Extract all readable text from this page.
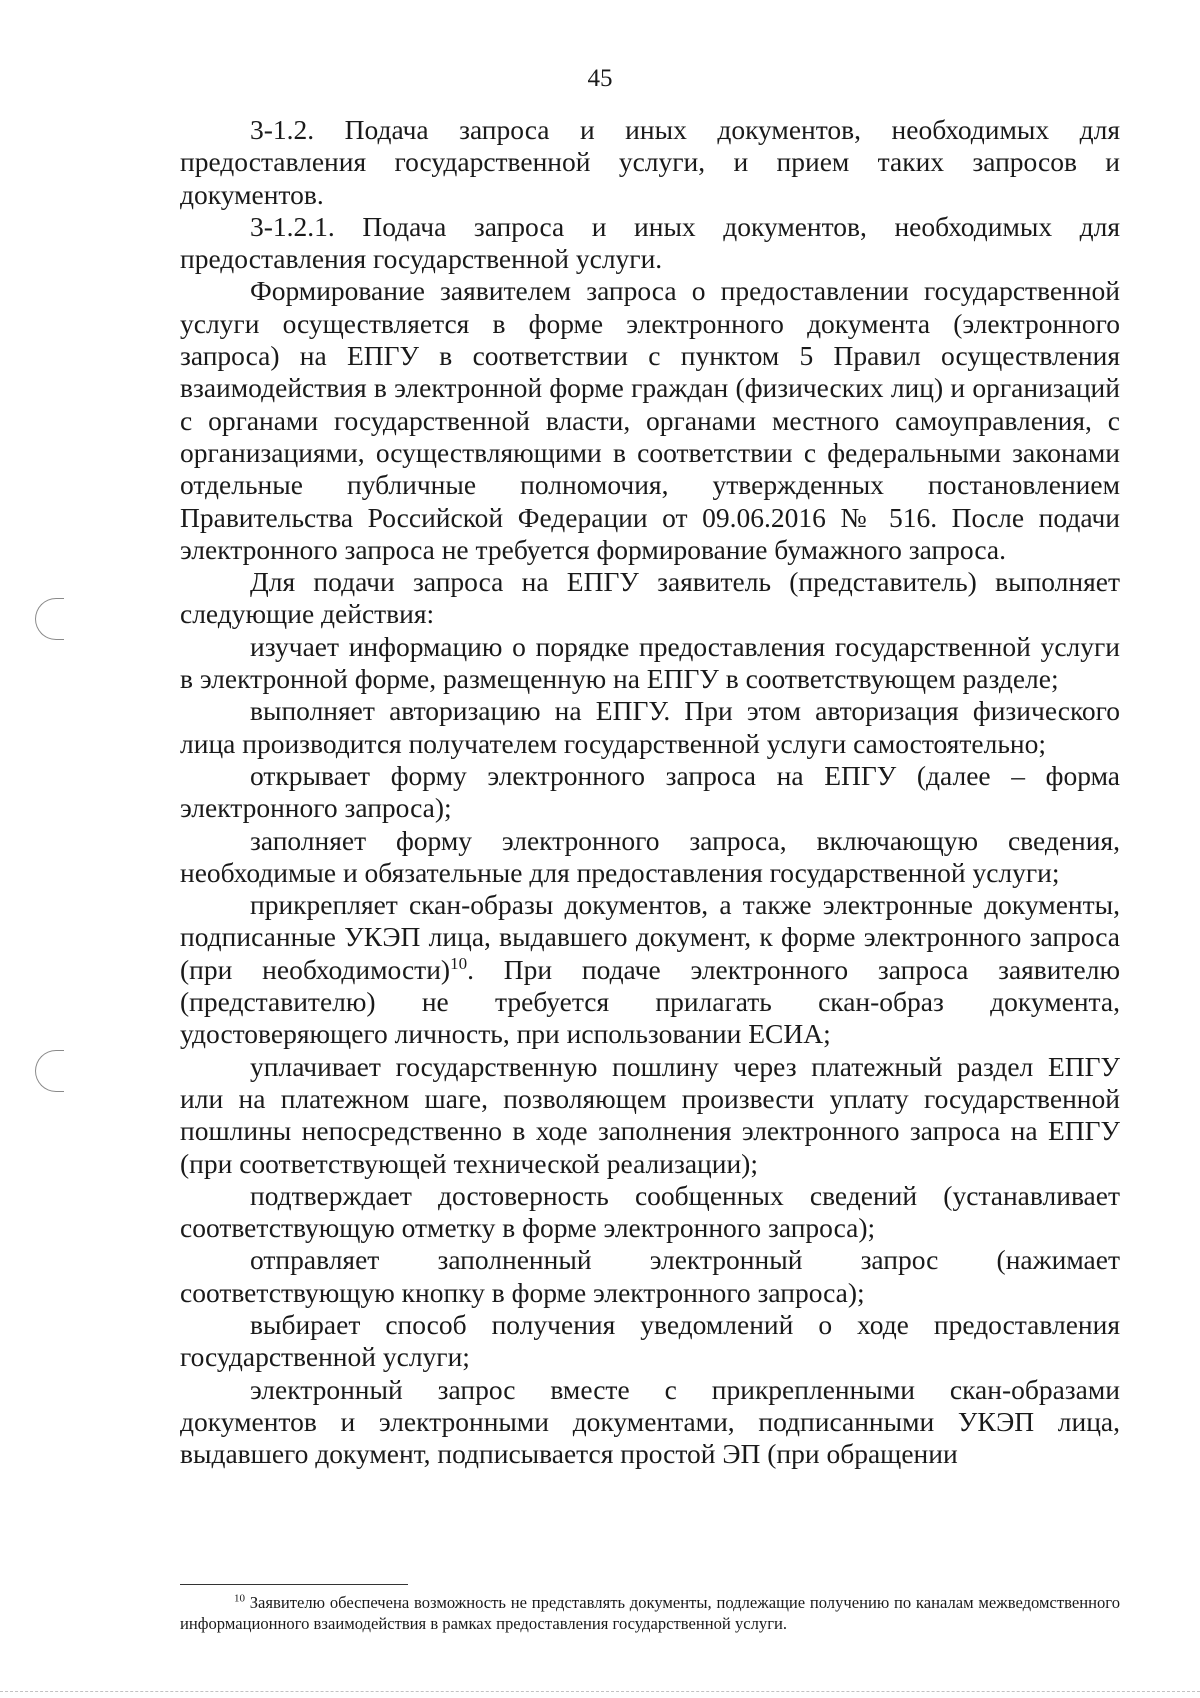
45

3-1.2. Подача запроса и иных документов, необходимых для предоставления государственной услуги, и прием таких запросов и документов.

3-1.2.1. Подача запроса и иных документов, необходимых для предоставления государственной услуги.

Формирование заявителем запроса о предоставлении государственной услуги осуществляется в форме электронного документа (электронного запроса) на ЕПГУ в соответствии с пунктом 5 Правил осуществления взаимодействия в электронной форме граждан (физических лиц) и организаций с органами государственной власти, органами местного самоуправления, с организациями, осуществляющими в соответствии с федеральными законами отдельные публичные полномочия, утвержденных постановлением Правительства Российской Федерации от 09.06.2016 № 516. После подачи электронного запроса не требуется формирование бумажного запроса.

Для подачи запроса на ЕПГУ заявитель (представитель) выполняет следующие действия:

изучает информацию о порядке предоставления государственной услуги в электронной форме, размещенную на ЕПГУ в соответствующем разделе;

выполняет авторизацию на ЕПГУ. При этом авторизация физического лица производится получателем государственной услуги самостоятельно;

открывает форму электронного запроса на ЕПГУ (далее – форма электронного запроса);

заполняет форму электронного запроса, включающую сведения, необходимые и обязательные для предоставления государственной услуги;

прикрепляет скан-образы документов, а также электронные документы, подписанные УКЭП лица, выдавшего документ, к форме электронного запроса (при необходимости)$^{10}$. При подаче электронного запроса заявителю (представителю) не требуется прилагать скан-образ документа, удостоверяющего личность, при использовании ЕСИА;

уплачивает государственную пошлину через платежный раздел ЕПГУ или на платежном шаге, позволяющем произвести уплату государственной пошлины непосредственно в ходе заполнения электронного запроса на ЕПГУ (при соответствующей технической реализации);

подтверждает достоверность сообщенных сведений (устанавливает соответствующую отметку в форме электронного запроса);

отправляет заполненный электронный запрос (нажимает соответствующую кнопку в форме электронного запроса);

выбирает способ получения уведомлений о ходе предоставления государственной услуги;

электронный запрос вместе с прикрепленными скан-образами документов и электронными документами, подписанными УКЭП лица, выдавшего документ, подписывается простой ЭП (при обращении

$^{10}$ Заявителю обеспечена возможность не представлять документы, подлежащие получению по каналам межведомственного информационного взаимодействия в рамках предоставления государственной услуги.
